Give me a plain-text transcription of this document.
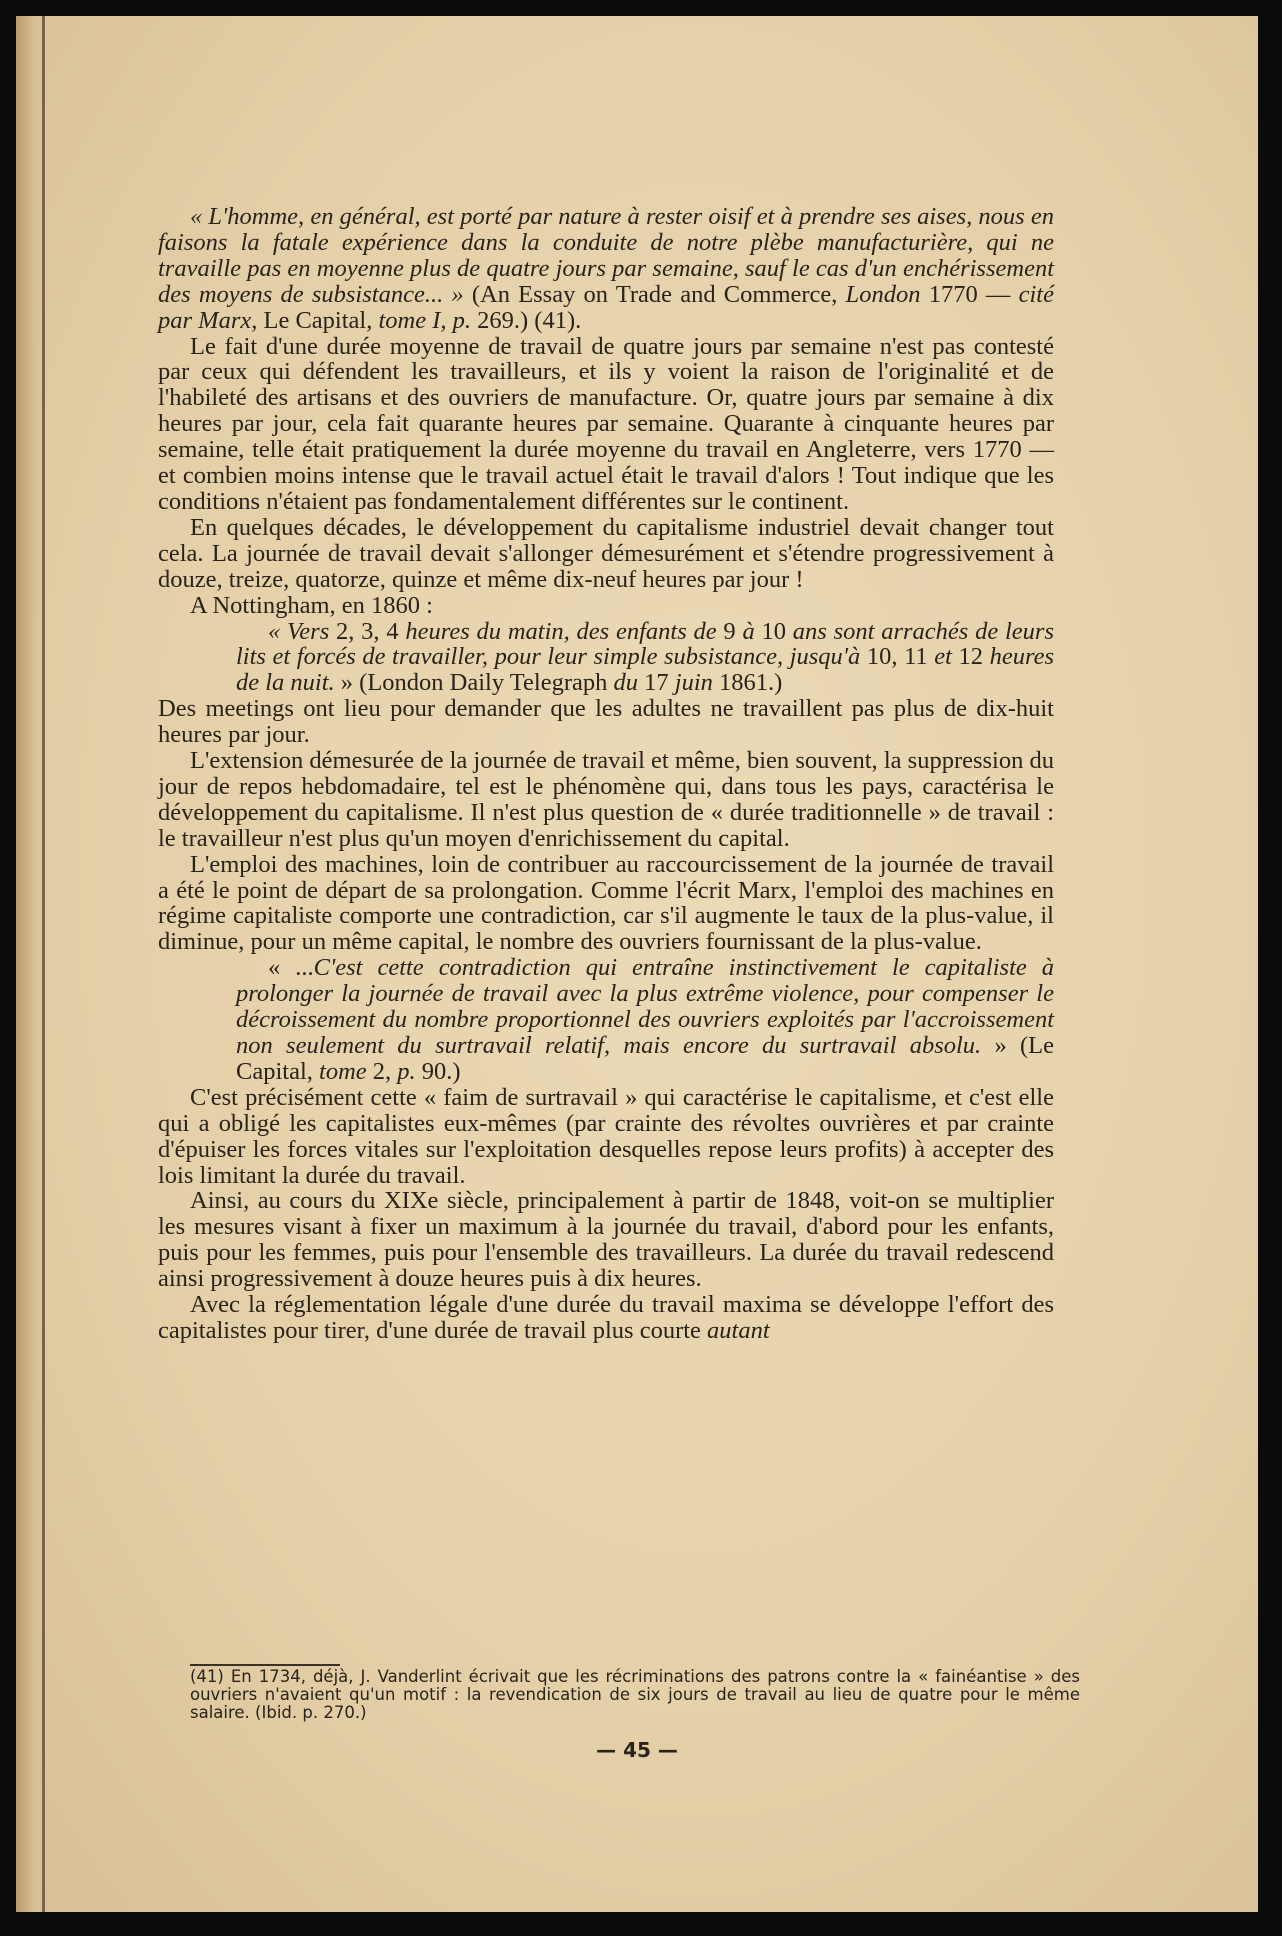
« L'homme, en général, est porté par nature à rester oisif et à prendre ses aises, nous en faisons la fatale expérience dans la conduite de notre plèbe manufacturière, qui ne travaille pas en moyenne plus de quatre jours par semaine, sauf le cas d'un enchérissement des moyens de subsistance... » (An Essay on Trade and Commerce, London 1770 — cité par Marx, Le Capital, tome I, p. 269.) (41).

Le fait d'une durée moyenne de travail de quatre jours par semaine n'est pas contesté par ceux qui défendent les travailleurs, et ils y voient la raison de l'originalité et de l'habileté des artisans et des ouvriers de manufacture. Or, quatre jours par semaine à dix heures par jour, cela fait quarante heures par semaine. Quarante à cinquante heures par semaine, telle était pratiquement la durée moyenne du travail en Angleterre, vers 1770 — et combien moins intense que le travail actuel était le travail d'alors ! Tout indique que les conditions n'étaient pas fondamentalement différentes sur le continent.

En quelques décades, le développement du capitalisme industriel devait changer tout cela. La journée de travail devait s'allonger démesurément et s'étendre progressivement à douze, treize, quatorze, quinze et même dix-neuf heures par jour !

A Nottingham, en 1860 :

« Vers 2, 3, 4 heures du matin, des enfants de 9 à 10 ans sont arrachés de leurs lits et forcés de travailler, pour leur simple subsistance, jusqu'à 10, 11 et 12 heures de la nuit. » (London Daily Telegraph du 17 juin 1861.)

Des meetings ont lieu pour demander que les adultes ne travaillent pas plus de dix-huit heures par jour.

L'extension démesurée de la journée de travail et même, bien souvent, la suppression du jour de repos hebdomadaire, tel est le phénomène qui, dans tous les pays, caractérisa le développement du capitalisme. Il n'est plus question de « durée traditionnelle » de travail : le travailleur n'est plus qu'un moyen d'enrichissement du capital.

L'emploi des machines, loin de contribuer au raccourcissement de la journée de travail a été le point de départ de sa prolongation. Comme l'écrit Marx, l'emploi des machines en régime capitaliste comporte une contradiction, car s'il augmente le taux de la plus-value, il diminue, pour un même capital, le nombre des ouvriers fournissant de la plus-value.

« ...C'est cette contradiction qui entraîne instinctivement le capitaliste à prolonger la journée de travail avec la plus extrême violence, pour compenser le décroissement du nombre proportionnel des ouvriers exploités par l'accroissement non seulement du surtravail relatif, mais encore du surtravail absolu. » (Le Capital, tome 2, p. 90.)

C'est précisément cette « faim de surtravail » qui caractérise le capitalisme, et c'est elle qui a obligé les capitalistes eux-mêmes (par crainte des révoltes ouvrières et par crainte d'épuiser les forces vitales sur l'exploitation desquelles repose leurs profits) à accepter des lois limitant la durée du travail.

Ainsi, au cours du XIXe siècle, principalement à partir de 1848, voit-on se multiplier les mesures visant à fixer un maximum à la journée du travail, d'abord pour les enfants, puis pour les femmes, puis pour l'ensemble des travailleurs. La durée du travail redescend ainsi progressivement à douze heures puis à dix heures.

Avec la réglementation légale d'une durée du travail maxima se développe l'effort des capitalistes pour tirer, d'une durée de travail plus courte autant

(41) En 1734, déjà, J. Vanderlint écrivait que les récriminations des patrons contre la « fainéantise » des ouvriers n'avaient qu'un motif : la revendication de six jours de travail au lieu de quatre pour le même salaire. (Ibid. p. 270.)
— 45 —
